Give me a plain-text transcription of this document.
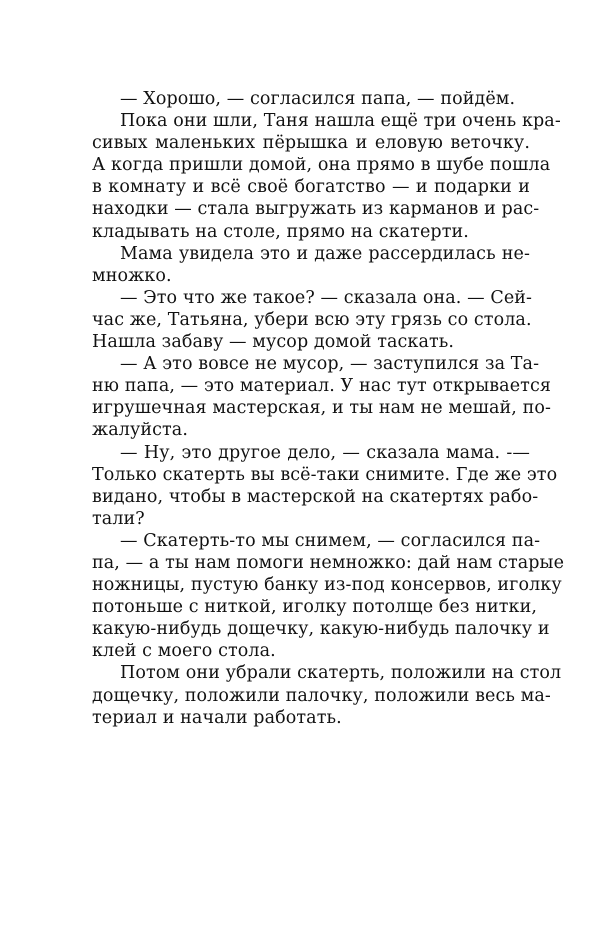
— Хорошо, — согласился папа, — пойдём.
Пока они шли, Таня нашла ещё три очень кра-
сивых маленьких пёрышка и еловую веточку.
А когда пришли домой, она прямо в шубе пошла
в комнату и всё своё богатство — и подарки и
находки — стала выгружать из карманов и рас-
кладывать на столе, прямо на скатерти.
Мама увидела это и даже рассердилась не-
множко.
— Это что же такое? — сказала она. — Сей-
час же, Татьяна, убери всю эту грязь со стола.
Нашла забаву — мусор домой таскать.
— А это вовсе не мусор, — заступился за Та-
ню папа, — это материал. У нас тут открывается
игрушечная мастерская, и ты нам не мешай, по-
жалуйста.
— Ну, это другое дело, — сказала мама. -—
Только скатерть вы всё-таки снимите. Где же это
видано, чтобы в мастерской на скатертях рабо-
тали?
— Скатерть-то мы снимем, — согласился па-
па, — а ты нам помоги немножко: дай нам старые
ножницы, пустую банку из-под консервов, иголку
потоньше с ниткой, иголку потолще без нитки,
какую-нибудь дощечку, какую-нибудь палочку и
клей с моего стола.
Потом они убрали скатерть, положили на стол
дощечку, положили палочку, положили весь ма-
териал и начали работать.
